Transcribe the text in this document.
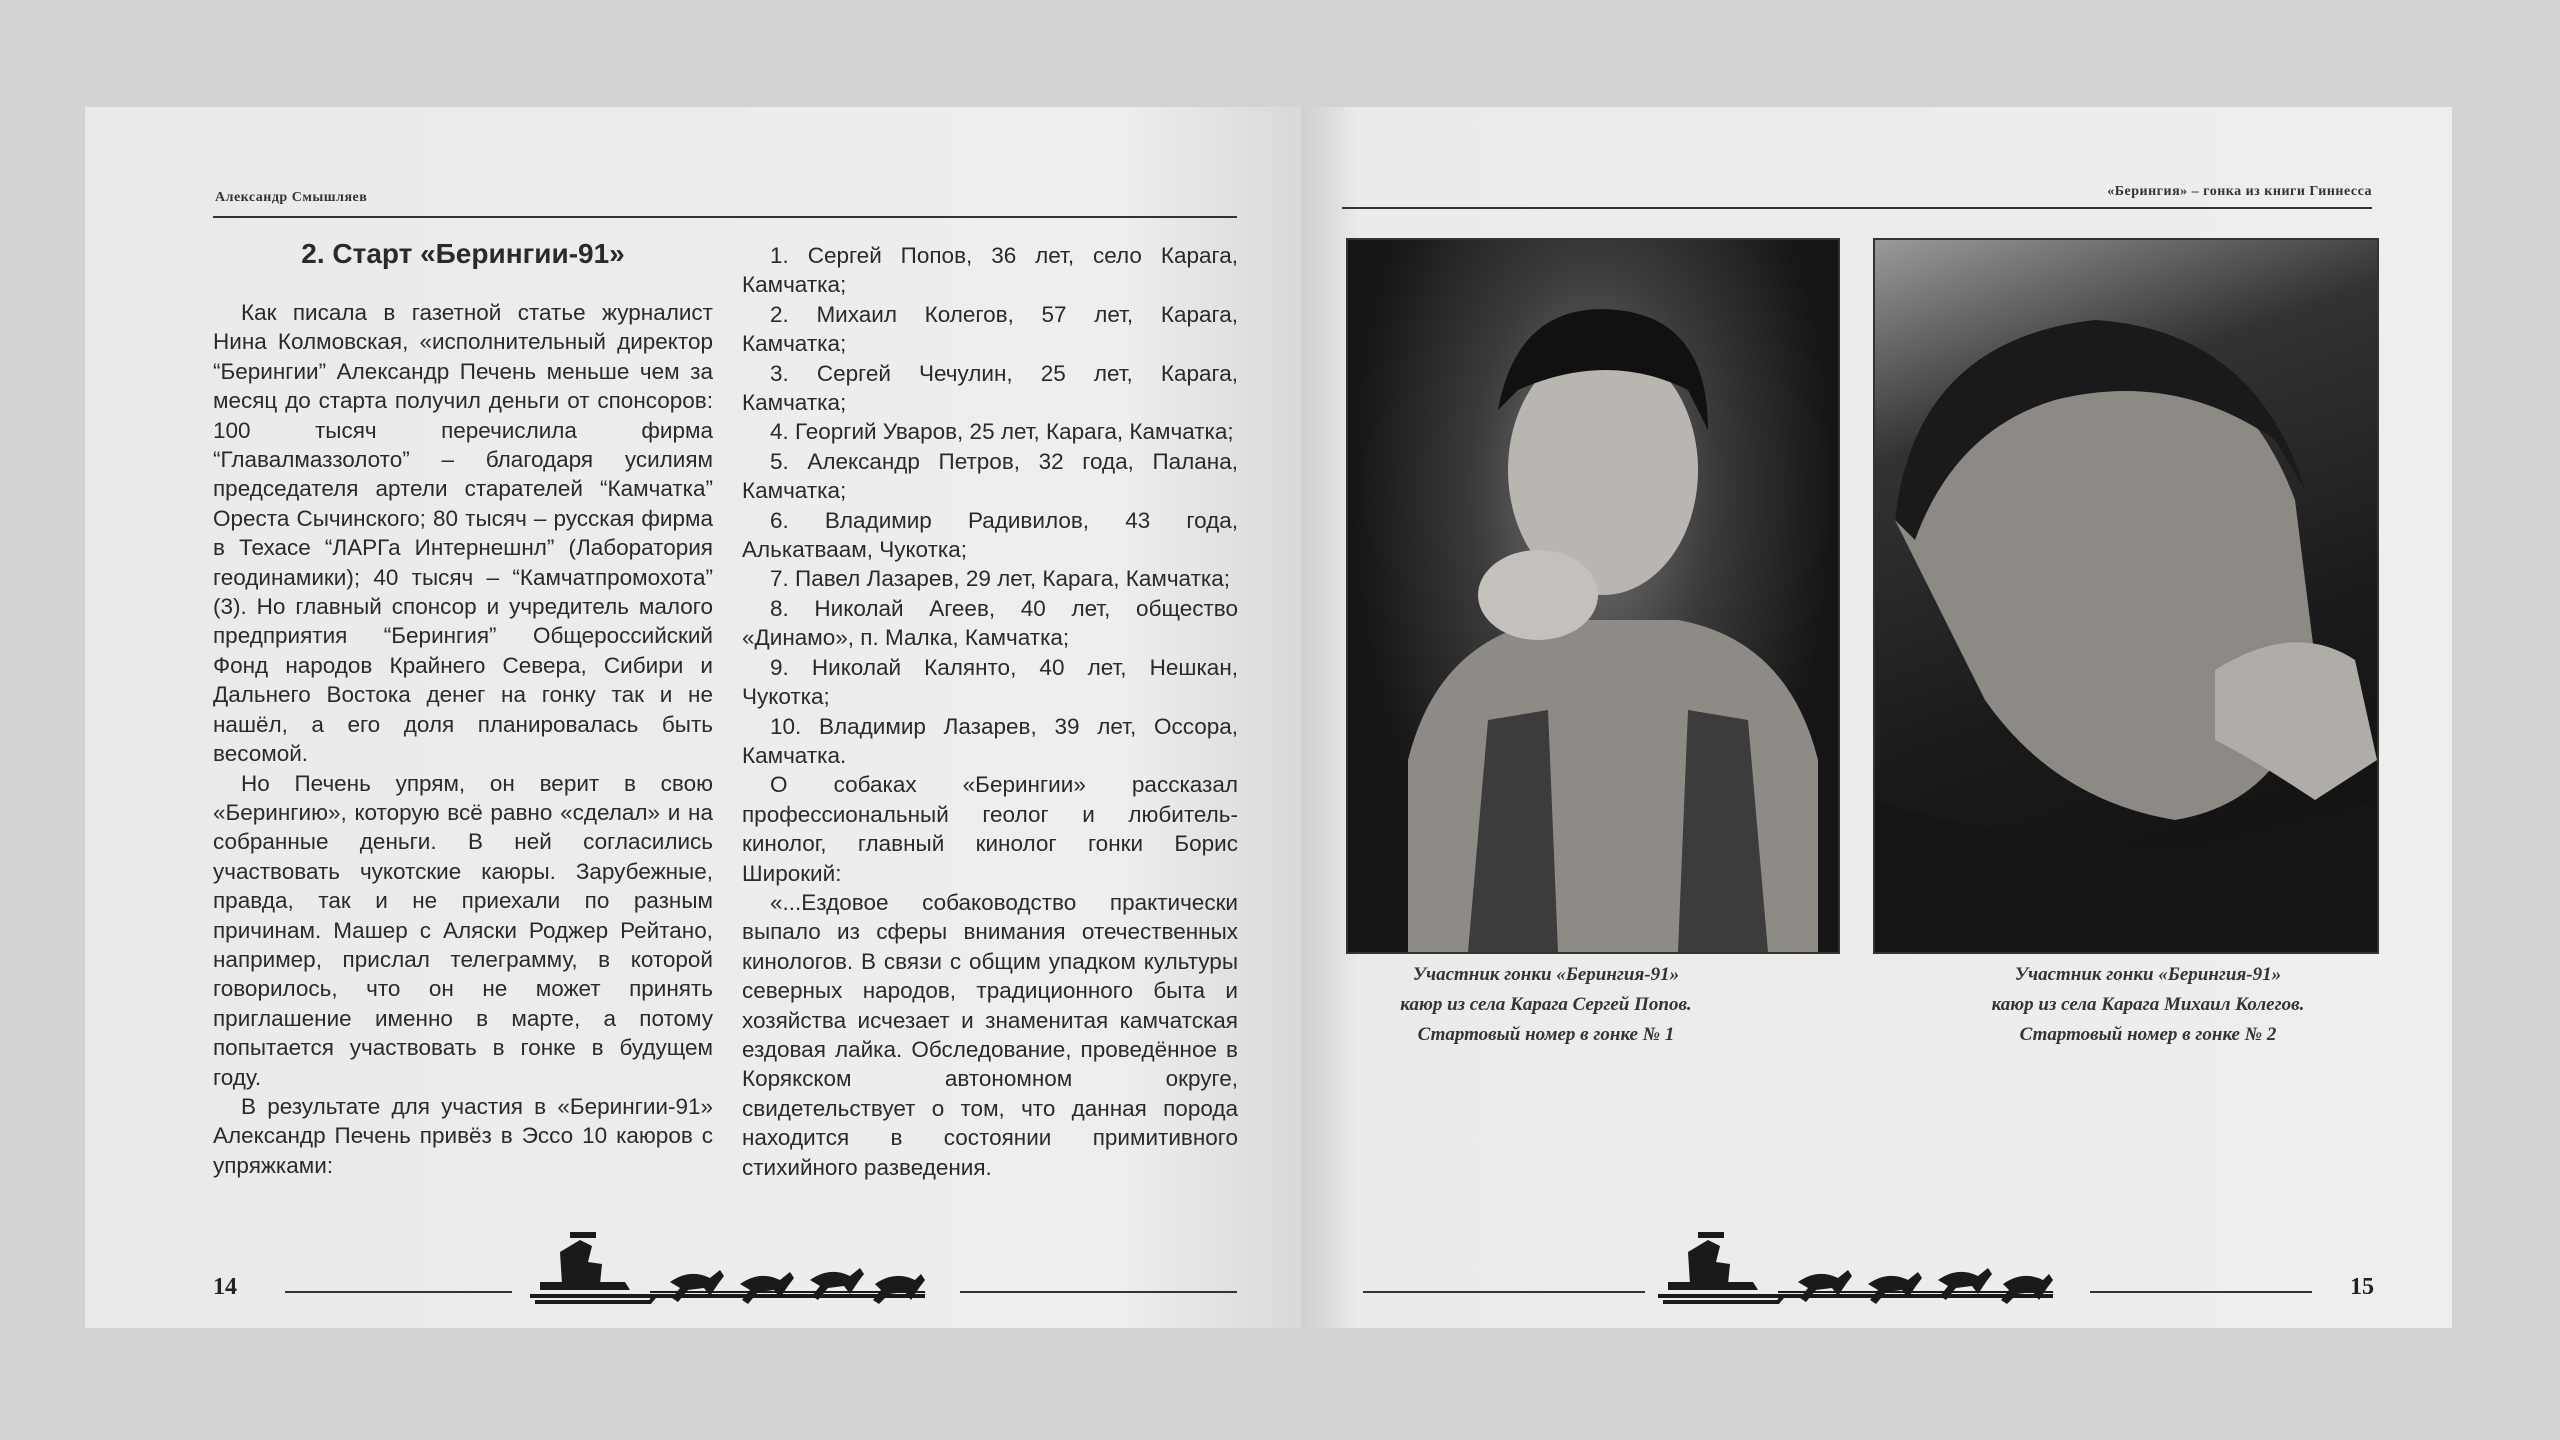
Александр Смышляев
2. Старт «Берингии-91»

Как писала в газетной статье журналист Нина Колмовская, «исполнительный директор “Берингии” Александр Печень меньше чем за месяц до старта получил деньги от спонсоров: 100 тысяч перечислила фирма “Главалмаззолото” – благодаря усилиям председателя артели старателей “Камчатка” Ореста Сычинского; 80 тысяч – русская фирма в Техасе “ЛАРГа Интернешнл” (Лаборатория геодинамики); 40 тысяч – “Камчатпромохота” (3). Но главный спонсор и учредитель малого предприятия “Берингия” Общероссийский Фонд народов Крайнего Севера, Сибири и Дальнего Востока денег на гонку так и не нашёл, а его доля планировалась быть весомой.

Но Печень упрям, он верит в свою «Берингию», которую всё равно «сделал» и на собранные деньги. В ней согласились участвовать чукотские каюры. Зарубежные, правда, так и не приехали по разным причинам. Машер с Аляски Роджер Рейтано, например, прислал телеграмму, в которой говорилось, что он не может принять приглашение именно в марте, а потому попытается участвовать в гонке в будущем году.

В результате для участия в «Берингии-91» Александр Печень привёз в Эссо 10 каюров с упряжками:

1. Сергей Попов, 36 лет, село Карага, Камчатка;

2. Михаил Колегов, 57 лет, Карага, Камчатка;

3. Сергей Чечулин, 25 лет, Карага, Камчатка;

4. Георгий Уваров, 25 лет, Карага, Камчатка;

5. Александр Петров, 32 года, Палана, Камчатка;

6. Владимир Радивилов, 43 года, Алькатваам, Чукотка;

7. Павел Лазарев, 29 лет, Карага, Камчатка;

8. Николай Агеев, 40 лет, общество «Динамо», п. Малка, Камчатка;

9. Николай Калянто, 40 лет, Нешкан, Чукотка;

10. Владимир Лазарев, 39 лет, Оссора, Камчатка.

О собаках «Берингии» рассказал профессиональный геолог и любитель-кинолог, главный кинолог гонки Борис Широкий:

«...Ездовое собаководство практически выпало из сферы внимания отечественных кинологов. В связи с общим упадком культуры северных народов, традиционного быта и хозяйства исчезает и знаменитая камчатская ездовая лайка. Обследование, проведённое в Корякском автономном округе, свидетельствует о том, что данная порода находится в состоянии примитивного стихийного разведения.

14
«Берингия» – гонка из книги Гиннесса
Участник гонки «Берингия-91»
каюр из села Карага Сергей Попов.
Стартовый номер в гонке № 1
Участник гонки «Берингия-91»
каюр из села Карага Михаил Колегов.
Стартовый номер в гонке № 2
15
